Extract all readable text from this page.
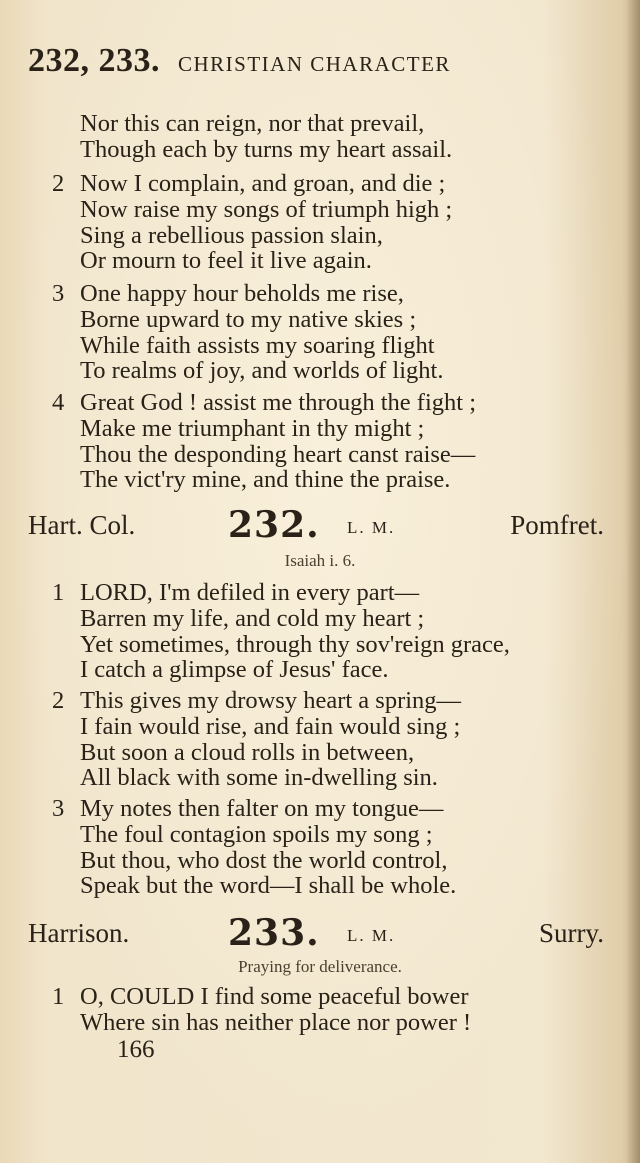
232, 233. CHRISTIAN CHARACTER
Nor this can reign, nor that prevail,
Though each by turns my heart assail.
2 Now I complain, and groan, and die ;
Now raise my songs of triumph high ;
Sing a rebellious passion slain,
Or mourn to feel it live again.
3 One happy hour beholds me rise,
Borne upward to my native skies ;
While faith assists my soaring flight
To realms of joy, and worlds of light.
4 Great God ! assist me through the fight ;
Make me triumphant in thy might ;
Thou the desponding heart canst raise—
The vict'ry mine, and thine the praise.
Hart. Col.	232. L. M.	Pomfret.
Isaiah i. 6.
1 LORD, I'm defiled in every part—
Barren my life, and cold my heart ;
Yet sometimes, through thy sov'reign grace,
I catch a glimpse of Jesus' face.
2 This gives my drowsy heart a spring—
I fain would rise, and fain would sing ;
But soon a cloud rolls in between,
All black with some in-dwelling sin.
3 My notes then falter on my tongue—
The foul contagion spoils my song ;
But thou, who dost the world control,
Speak but the word—I shall be whole.
Harrison.	233. L. M.	Surry.
Praying for deliverance.
1 O, COULD I find some peaceful bower
Where sin has neither place nor power !
166
